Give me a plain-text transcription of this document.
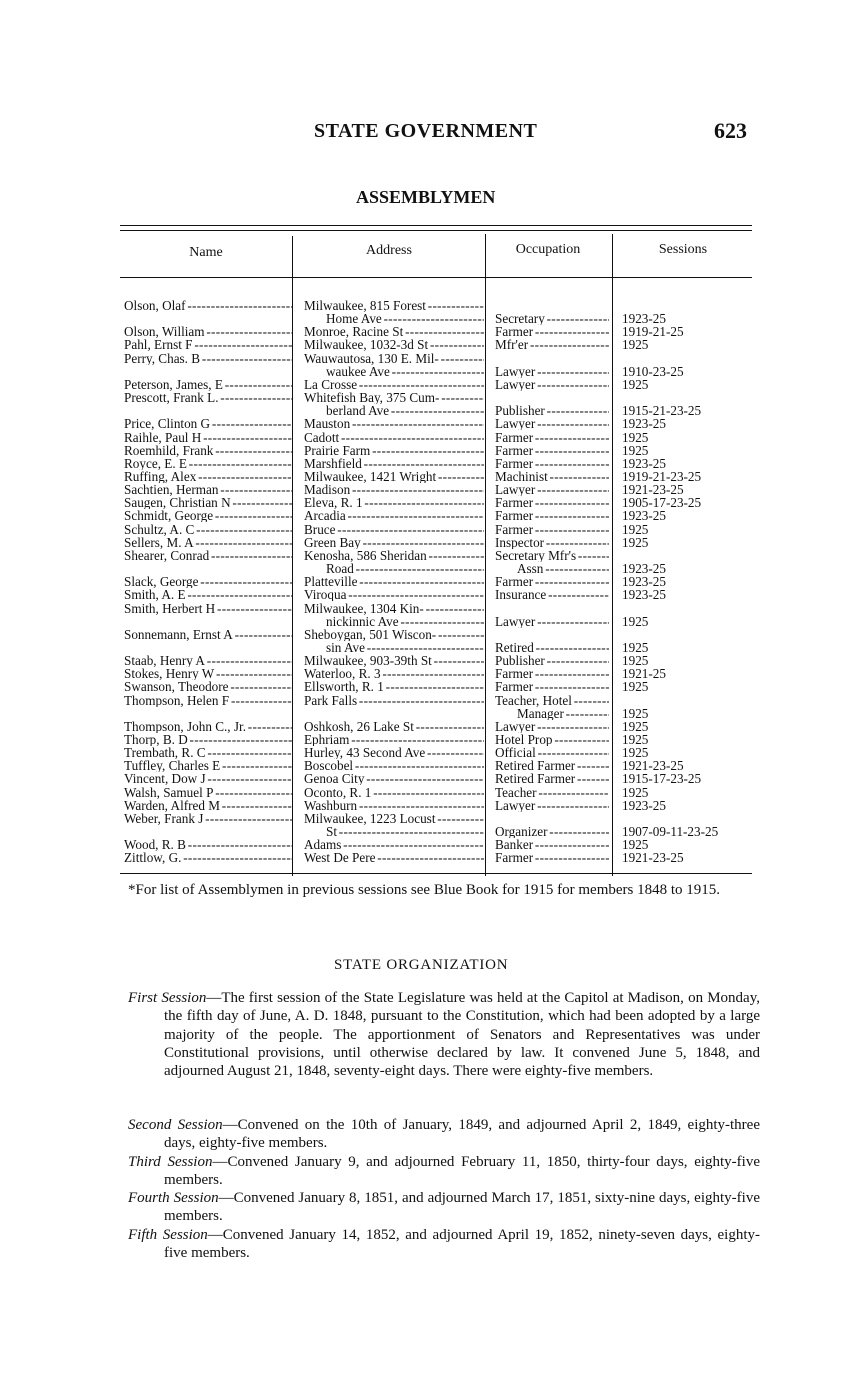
STATE GOVERNMENT	623
ASSEMBLYMEN
Name	Address	Occupation	Sessions
Olson, Olaf - - -	Milwaukee, 815 Forest - - -
Home Ave - - -	Secretary - - -	1923-25
Olson, William - - -	Monroe, Racine St - - -	Farmer - - -	1919-21-25
Pahl, Ernst F - - -	Milwaukee, 1032-3d St - - -	Mfr'er - - -	1925
Perry, Chas. B - - -	Wauwautosa, 130 E. Mil- - - -
waukee Ave - - -	Lawyer - - -	1910-23-25
Peterson, James, E - - -	La Crosse - - -	Lawyer - - -	1925
Prescott, Frank L. - - -	Whitefish Bay, 375 Cum- - - -
berland Ave - - -	Publisher - - -	1915-21-23-25
Price, Clinton G - - -	Mauston - - -	Lawyer - - -	1923-25
Raihle, Paul H - - -	Cadott - - -	Farmer - - -	1925
Roemhild, Frank - - -	Prairie Farm - - -	Farmer - - -	1925
Royce, E. E - - -	Marshfield - - -	Farmer - - -	1923-25
Ruffing, Alex - - -	Milwaukee, 1421 Wright - - -	Machinist - - -	1919-21-23-25
Sachtien, Herman - - -	Madison - - -	Lawyer - - -	1921-23-25
Saugen, Christian N - - -	Eleva, R. 1 - - -	Farmer - - -	1905-17-23-25
Schmidt, George - - -	Arcadia - - -	Farmer - - -	1923-25
Schultz, A. C - - -	Bruce - - -	Farmer - - -	1925
Sellers, M. A - - -	Green Bay - - -	Inspector - - -	1925
Shearer, Conrad - - -	Kenosha, 586 Sheridan - - -	Secretary Mfr's - - -
Road - - -	Assn - - -	1923-25
Slack, George - - -	Platteville - - -	Farmer - - -	1923-25
Smith, A. E - - -	Viroqua - - -	Insurance - - -	1923-25
Smith, Herbert H - - -	Milwaukee, 1304 Kin- - - -
nickinnic Ave - - -	Lawyer - - -	1925
Sonnemann, Ernst A - - -	Sheboygan, 501 Wiscon- - - -
sin Ave - - -	Retired - - -	1925
Staab, Henry A - - -	Milwaukee, 903-39th St - - -	Publisher - - -	1925
Stokes, Henry W - - -	Waterloo, R. 3 - - -	Farmer - - -	1921-25
Swanson, Theodore - - -	Ellsworth, R. 1 - - -	Farmer - - -	1925
Thompson, Helen F - - -	Park Falls - - -	Teacher, Hotel - - -
Manager - - -	1925
Thompson, John C., Jr. - - -	Oshkosh, 26 Lake St - - -	Lawyer - - -	1925
Thorp, B. D - - -	Ephriam - - -	Hotel Prop - - -	1925
Trembath, R. C - - -	Hurley, 43 Second Ave - - -	Official - - -	1925
Tuffley, Charles E - - -	Boscobel - - -	Retired Farmer - - -	1921-23-25
Vincent, Dow J - - -	Genoa City - - -	Retired Farmer - - -	1915-17-23-25
Walsh, Samuel P - - -	Oconto, R. 1 - - -	Teacher - - -	1925
Warden, Alfred M - - -	Washburn - - -	Lawyer - - -	1923-25
Weber, Frank J - - -	Milwaukee, 1223 Locust - - -
St - - -	Organizer - - -	1907-09-11-23-25
Wood, R. B - - -	Adams - - -	Banker - - -	1925
Zittlow, G. - - -	West De Pere - - -	Farmer - - -	1921-23-25
*For list of Assemblymen in previous sessions see Blue Book for 1915 for members 1848 to 1915.
STATE ORGANIZATION
First Session—The first session of the State Legislature was held at the Capitol at Madison, on Monday, the fifth day of June, A. D. 1848, pursuant to the Constitution, which had been adopted by a large majority of the people. The apportionment of Senators and Representatives was under Constitutional provisions, until otherwise declared by law. It convened June 5, 1848, and adjourned August 21, 1848, seventy-eight days. There were eighty-five members.
Second Session—Convened on the 10th of January, 1849, and adjourned April 2, 1849, eighty-three days, eighty-five members.
Third Session—Convened January 9, and adjourned February 11, 1850, thirty-four days, eighty-five members.
Fourth Session—Convened January 8, 1851, and adjourned March 17, 1851, sixty-nine days, eighty-five members.
Fifth Session—Convened January 14, 1852, and adjourned April 19, 1852, ninety-seven days, eighty-five members.
